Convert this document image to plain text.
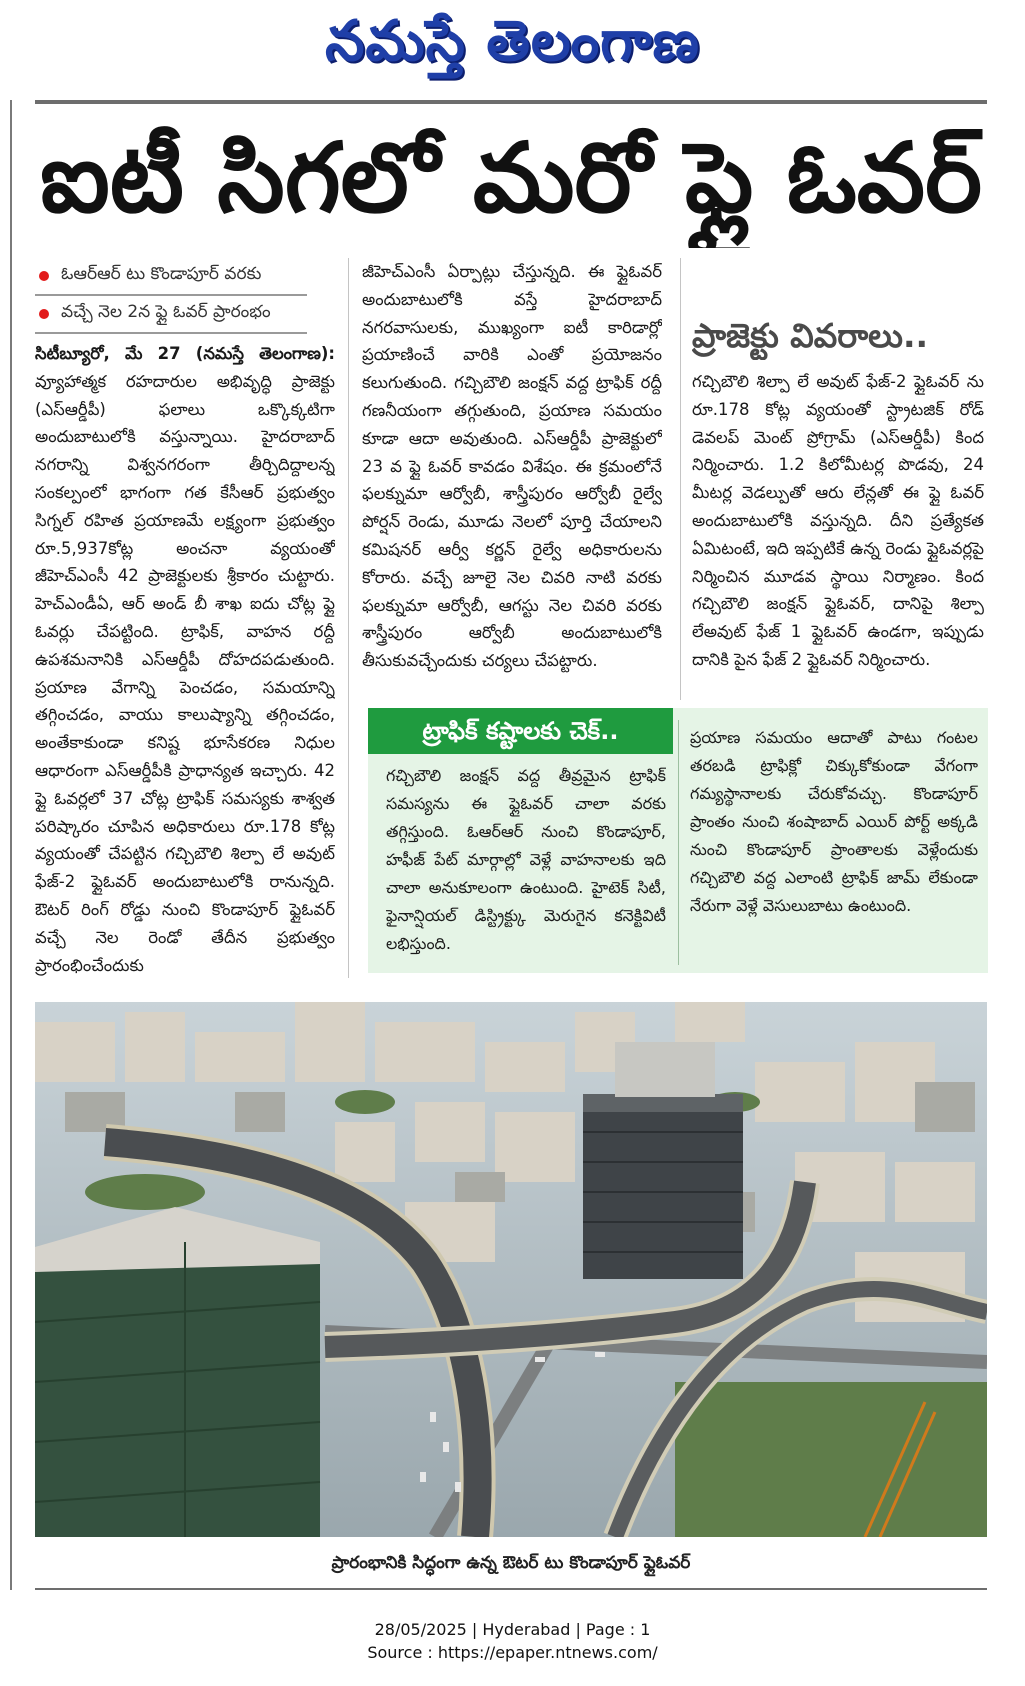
నమస్తే తెలంగాణ
ఐటీ సిగలో మరో ఫ్లై ఓవర్
ఓఆర్ఆర్ టు కొండాపూర్ వరకు
వచ్చే నెల 2న ఫ్లై ఓవర్ ప్రారంభం
సిటీబ్యూరో, మే 27 (నమస్తే తెలంగాణ): వ్యూహాత్మక రహదారుల అభివృద్ధి ప్రాజెక్టు (ఎస్ఆర్డీపీ) ఫలాలు ఒక్కొక్కటిగా అందుబాటులోకి వస్తున్నాయి. హైదరాబాద్ నగరాన్ని విశ్వనగరంగా తీర్చిదిద్దాలన్న సంకల్పంలో భాగంగా గత కేసీఆర్ ప్రభుత్వం సిగ్నల్ రహిత ప్రయాణమే లక్ష్యంగా ప్రభుత్వం రూ.5,937కోట్ల అంచనా వ్యయంతో జీహెచ్ఎంసీ 42 ప్రాజెక్టులకు శ్రీకారం చుట్టారు. హెచ్ఎండీఏ, ఆర్ అండ్ బీ శాఖ ఐదు చోట్ల ఫ్లై ఓవర్లు చేపట్టింది. ట్రాఫిక్, వాహన రద్దీ ఉపశమనానికి ఎస్ఆర్డీపీ దోహదపడుతుంది. ప్రయాణ వేగాన్ని పెంచడం, సమయాన్ని తగ్గించడం, వాయు కాలుష్యాన్ని తగ్గించడం, అంతేకాకుండా కనిష్ట భూసేకరణ నిధుల ఆధారంగా ఎస్ఆర్డీపీకి ప్రాధాన్యత ఇచ్చారు. 42 ఫ్లై ఓవర్లలో 37 చోట్ల ట్రాఫిక్ సమస్యకు శాశ్వత పరిష్కారం చూపిన అధికారులు రూ.178 కోట్ల వ్యయంతో చేపట్టిన గచ్చిబౌలి శిల్పా లే అవుట్ ఫేజ్-2 ఫ్లైఓవర్ అందుబాటులోకి రానున్నది. ఔటర్ రింగ్ రోడ్డు నుంచి కొండాపూర్ ఫ్లైఓవర్ వచ్చే నెల రెండో తేదీన ప్రభుత్వం ప్రారంభించేందుకు
జీహెచ్ఎంసీ ఏర్పాట్లు చేస్తున్నది. ఈ ఫ్లైఓవర్ అందుబాటులోకి వస్తే హైదరాబాద్ నగరవాసులకు, ముఖ్యంగా ఐటీ కారిడార్లో ప్రయాణించే వారికి ఎంతో ప్రయోజనం కలుగుతుంది. గచ్చిబౌలి జంక్షన్ వద్ద ట్రాఫిక్ రద్దీ గణనీయంగా తగ్గుతుంది, ప్రయాణ సమయం కూడా ఆదా అవుతుంది. ఎస్ఆర్డీపీ ప్రాజెక్టులో 23 వ ఫ్లై ఓవర్ కావడం విశేషం. ఈ క్రమంలోనే ఫలక్నుమా ఆర్వోబీ, శాస్త్రీపురం ఆర్వోబీ రైల్వే పోర్షన్ రెండు, మూడు నెలలో పూర్తి చేయాలని కమిషనర్ ఆర్వీ కర్ణన్ రైల్వే అధికారులను కోరారు. వచ్చే జూలై నెల చివరి నాటి వరకు ఫలక్నుమా ఆర్వోబీ, ఆగస్టు నెల చివరి వరకు శాస్త్రీపురం ఆర్వోబీ అందుబాటులోకి తీసుకువచ్చేందుకు చర్యలు చేపట్టారు.
ప్రాజెక్టు వివరాలు..
గచ్చిబౌలి శిల్పా లే అవుట్ ఫేజ్-2 ఫ్లైఓవర్ ను రూ.178 కోట్ల వ్యయంతో స్ట్రాటజిక్ రోడ్ డెవలప్ మెంట్ ప్రోగ్రామ్ (ఎస్ఆర్డీపీ) కింద నిర్మించారు. 1.2 కిలోమీటర్ల పొడవు, 24 మీటర్ల వెడల్పుతో ఆరు లేన్లతో ఈ ఫ్లై ఓవర్ అందుబాటులోకి వస్తున్నది. దీని ప్రత్యేకత ఏమిటంటే, ఇది ఇప్పటికే ఉన్న రెండు ఫ్లైఓవర్లపై నిర్మించిన మూడవ స్థాయి నిర్మాణం. కింద గచ్చిబౌలి జంక్షన్ ఫ్లైఓవర్, దానిపై శిల్పా లేఅవుట్ ఫేజ్ 1 ఫ్లైఓవర్ ఉండగా, ఇప్పుడు దానికి పైన ఫేజ్ 2 ఫ్లైఓవర్ నిర్మించారు.
ట్రాఫిక్ కష్టాలకు చెక్..
గచ్చిబౌలి జంక్షన్ వద్ద తీవ్రమైన ట్రాఫిక్ సమస్యను ఈ ఫ్లైఓవర్ చాలా వరకు తగ్గిస్తుంది. ఓఆర్ఆర్ నుంచి కొండాపూర్, హఫీజ్ పేట్ మార్గాల్లో వెళ్లే వాహనాలకు ఇది చాలా అనుకూలంగా ఉంటుంది. హైటెక్ సిటీ, ఫైనాన్షియల్ డిస్ట్రిక్ట్కు మెరుగైన కనెక్టివిటీ లభిస్తుంది.
ప్రయాణ సమయం ఆదాతో పాటు గంటల తరబడి ట్రాఫిక్లో చిక్కుకోకుండా వేగంగా గమ్యస్థానాలకు చేరుకోవచ్చు. కొండాపూర్ ప్రాంతం నుంచి శంషాబాద్ ఎయిర్ పోర్ట్ అక్కడి నుంచి కొండాపూర్ ప్రాంతాలకు వెళ్లేందుకు గచ్చిబౌలి వద్ద ఎలాంటి ట్రాఫిక్ జామ్ లేకుండా నేరుగా వెళ్లే వెసులుబాటు ఉంటుంది.
ప్రారంభానికి సిద్ధంగా ఉన్న ఔటర్ టు కొండాపూర్ ఫ్లైఓవర్
28/05/2025 | Hyderabad | Page : 1
Source : https://epaper.ntnews.com/
